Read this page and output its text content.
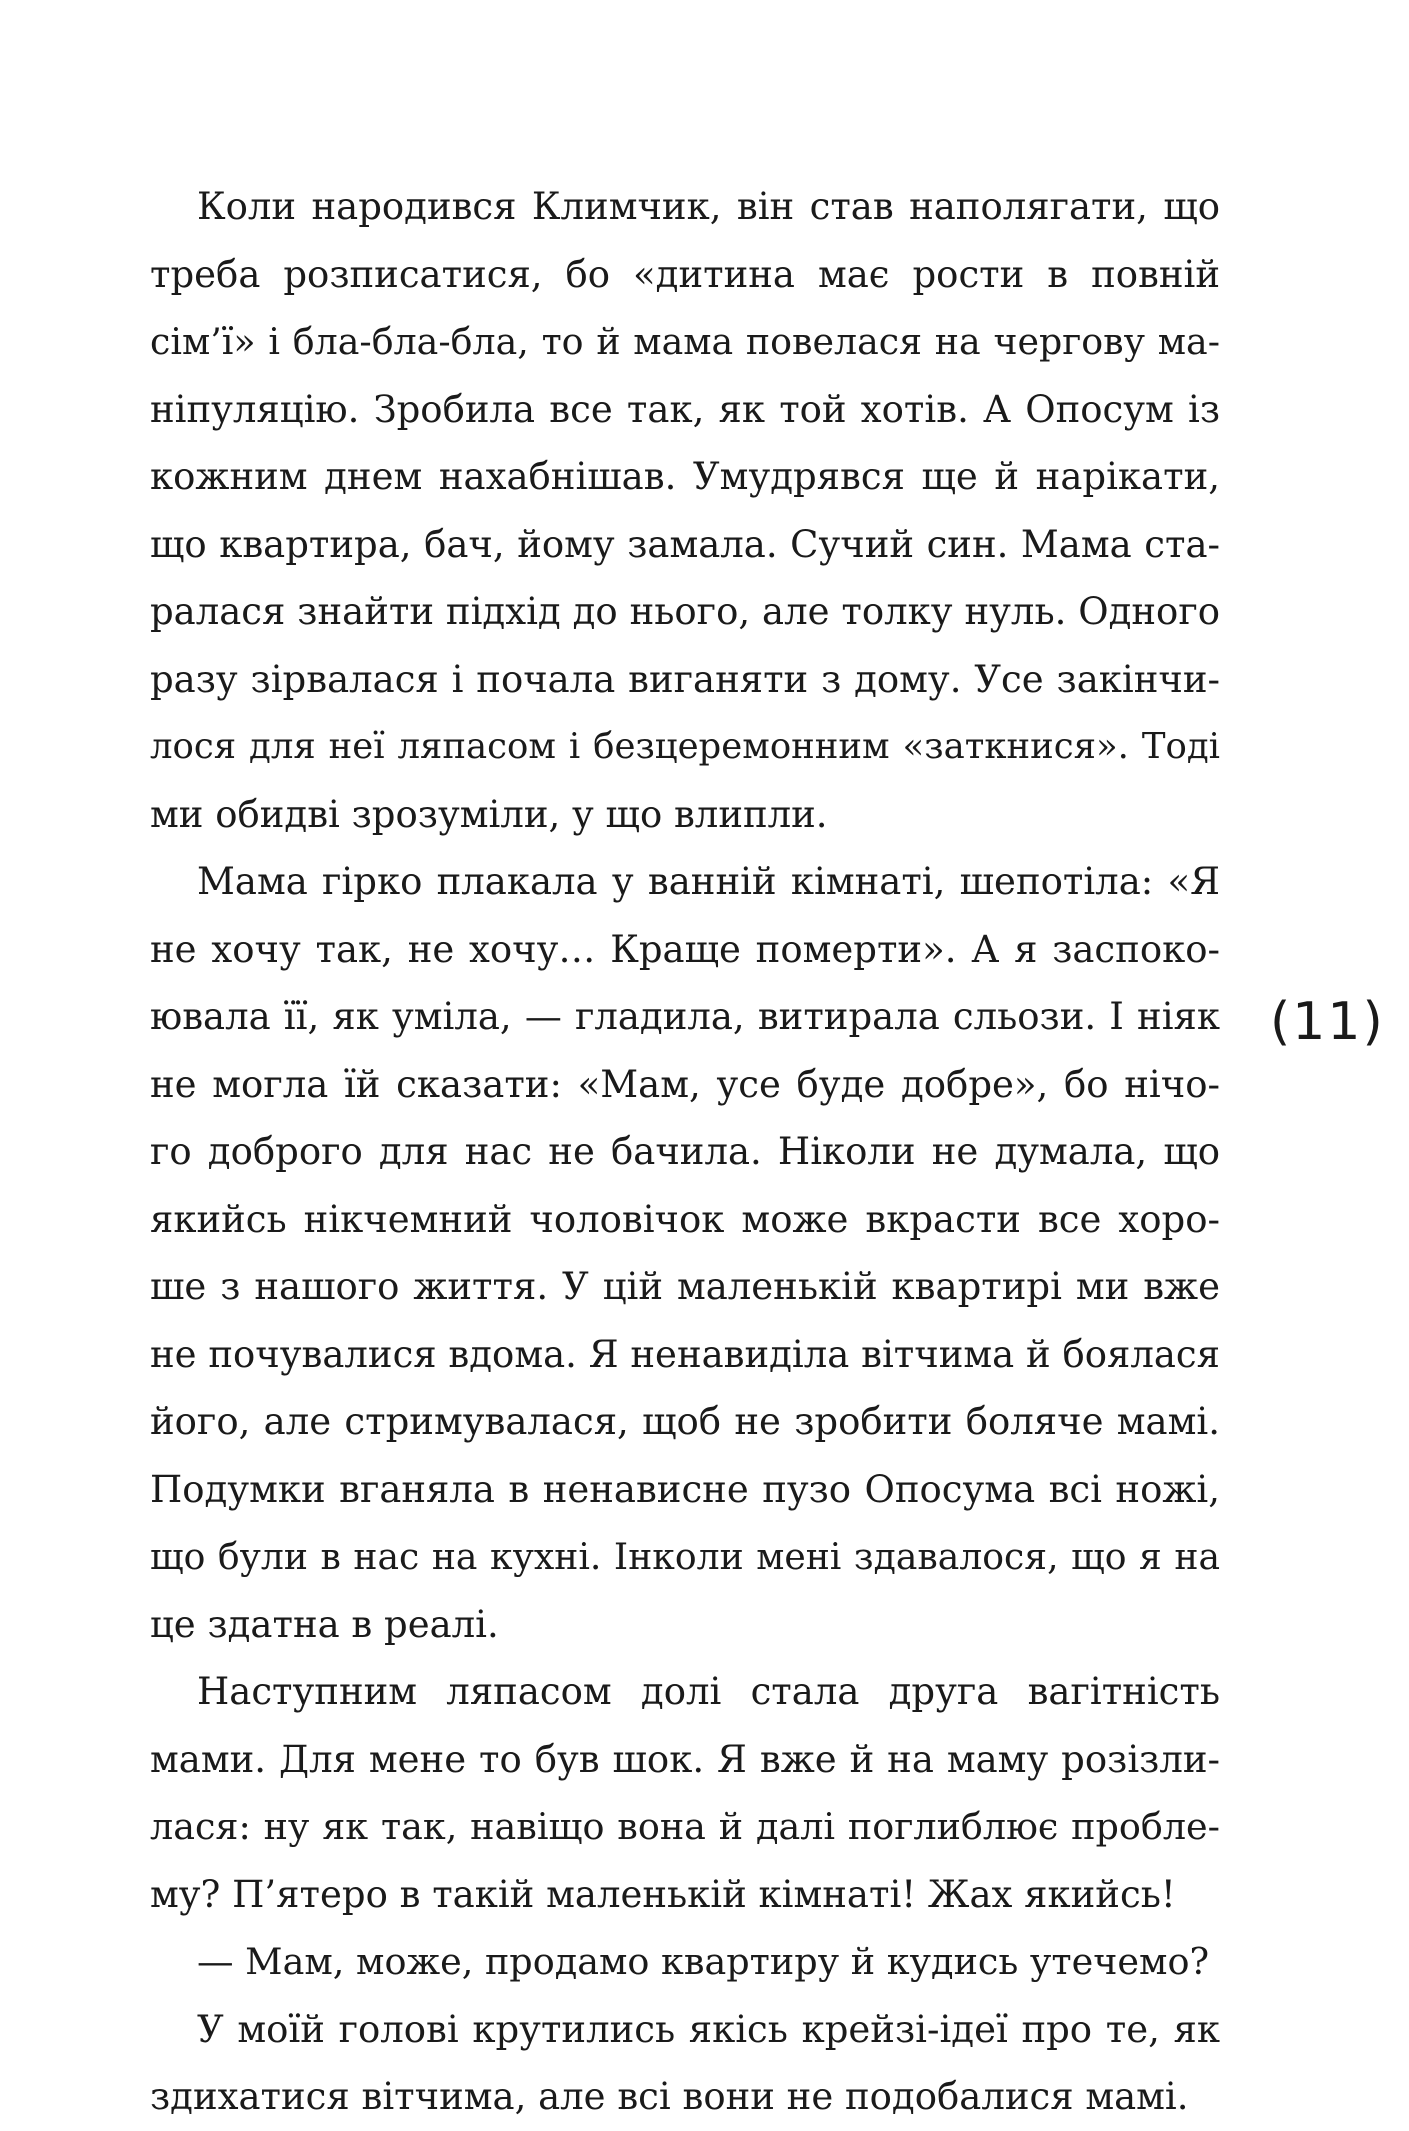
Коли народився Климчик, він став наполягати, що
треба розписатися, бо «дитина має рости в повній
сім’ї» і бла-бла-бла, то й мама повелася на чергову ма-
ніпуляцію. Зробила все так, як той хотів. А Опосум із
кожним днем нахабнішав. Умудрявся ще й нарікати,
що квартира, бач, йому замала. Сучий син. Мама ста-
ралася знайти підхід до нього, але толку нуль. Одного
разу зірвалася і почала виганяти з дому. Усе закінчи-
лося для неї ляпасом і безцеремонним «заткнися». Тоді
ми обидві зрозуміли, у що влипли.
Мама гірко плакала у ванній кімнаті, шепотіла: «Я
не хочу так, не хочу… Краще померти». А я заспоко-
ювала її, як уміла, — гладила, витирала сльози. І ніяк
не могла їй сказати: «Мам, усе буде добре», бо нічо-
го доброго для нас не бачила. Ніколи не думала, що
якийсь нікчемний чоловічок може вкрасти все хоро-
ше з нашого життя. У цій маленькій квартирі ми вже
не почувалися вдома. Я ненавиділа вітчима й боялася
його, але стримувалася, щоб не зробити боляче мамі.
Подумки вганяла в ненависне пузо Опосума всі ножі,
що були в нас на кухні. Інколи мені здавалося, що я на
це здатна в реалі.
Наступним ляпасом долі стала друга вагітність
мами. Для мене то був шок. Я вже й на маму розізли-
лася: ну як так, навіщо вона й далі поглиблює пробле-
му? П’ятеро в такій маленькій кімнаті! Жах якийсь!
— Мам, може, продамо квартиру й кудись утечемо?
У моїй голові крутились якісь крейзі-ідеї про те, як
здихатися вітчима, але всі вони не подобалися мамі.
(11)
